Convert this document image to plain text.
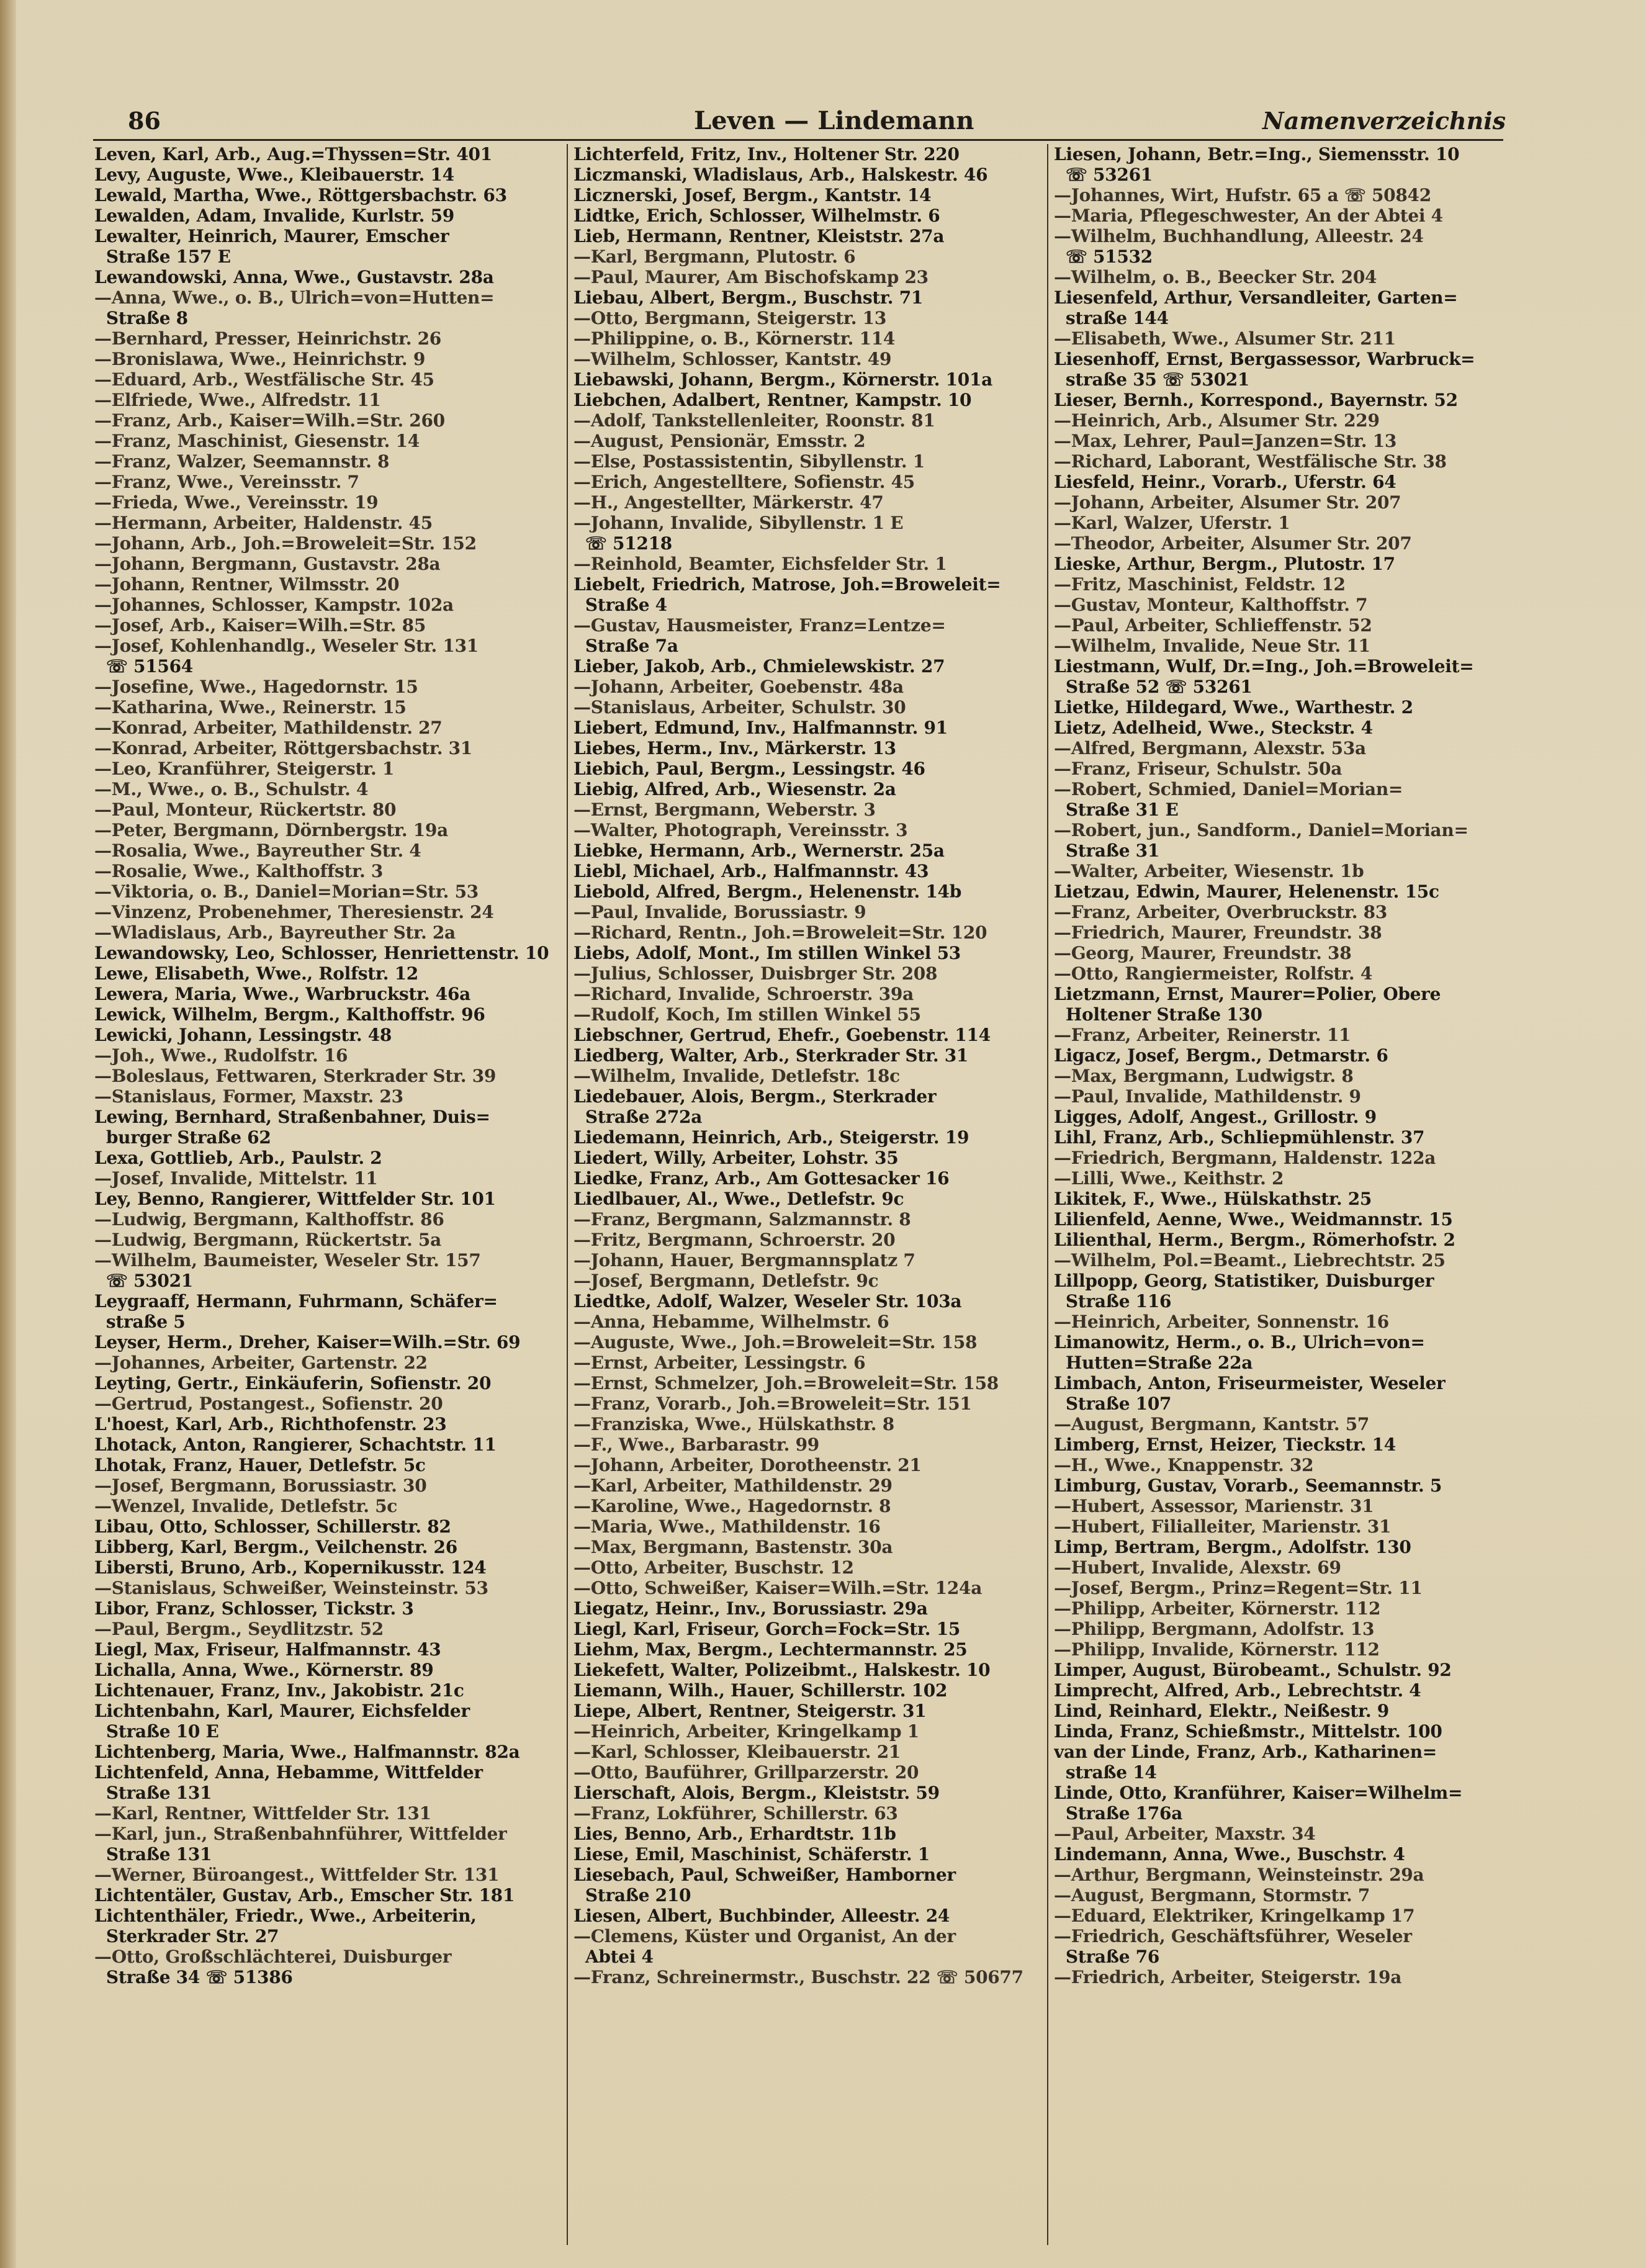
86	Leven — Lindemann	Namenverzeichnis
Leven, Karl, Arb., Aug.=Thyssen=Str. 401
Levy, Auguste, Wwe., Kleibauerstr. 14
Lewald, Martha, Wwe., Röttgersbachstr. 63
Lewalden, Adam, Invalide, Kurlstr. 59
Lewalter, Heinrich, Maurer, Emscher
Straße 157 E
Lewandowski, Anna, Wwe., Gustavstr. 28a
—Anna, Wwe., o. B., Ulrich=von=Hutten=
Straße 8
—Bernhard, Presser, Heinrichstr. 26
—Bronislawa, Wwe., Heinrichstr. 9
—Eduard, Arb., Westfälische Str. 45
—Elfriede, Wwe., Alfredstr. 11
—Franz, Arb., Kaiser=Wilh.=Str. 260
—Franz, Maschinist, Giesenstr. 14
—Franz, Walzer, Seemannstr. 8
—Franz, Wwe., Vereinsstr. 7
—Frieda, Wwe., Vereinsstr. 19
—Hermann, Arbeiter, Haldenstr. 45
—Johann, Arb., Joh.=Broweleit=Str. 152
—Johann, Bergmann, Gustavstr. 28a
—Johann, Rentner, Wilmsstr. 20
—Johannes, Schlosser, Kampstr. 102a
—Josef, Arb., Kaiser=Wilh.=Str. 85
—Josef, Kohlenhandlg., Weseler Str. 131
☏ 51564
—Josefine, Wwe., Hagedornstr. 15
—Katharina, Wwe., Reinerstr. 15
—Konrad, Arbeiter, Mathildenstr. 27
—Konrad, Arbeiter, Röttgersbachstr. 31
—Leo, Kranführer, Steigerstr. 1
—M., Wwe., o. B., Schulstr. 4
—Paul, Monteur, Rückertstr. 80
—Peter, Bergmann, Dörnbergstr. 19a
—Rosalia, Wwe., Bayreuther Str. 4
—Rosalie, Wwe., Kalthoffstr. 3
—Viktoria, o. B., Daniel=Morian=Str. 53
—Vinzenz, Probenehmer, Theresienstr. 24
—Wladislaus, Arb., Bayreuther Str. 2a
Lewandowsky, Leo, Schlosser, Henriettenstr. 10
Lewe, Elisabeth, Wwe., Rolfstr. 12
Lewera, Maria, Wwe., Warbruckstr. 46a
Lewick, Wilhelm, Bergm., Kalthoffstr. 96
Lewicki, Johann, Lessingstr. 48
—Joh., Wwe., Rudolfstr. 16
—Boleslaus, Fettwaren, Sterkrader Str. 39
—Stanislaus, Former, Maxstr. 23
Lewing, Bernhard, Straßenbahner, Duis=
burger Straße 62
Lexa, Gottlieb, Arb., Paulstr. 2
—Josef, Invalide, Mittelstr. 11
Ley, Benno, Rangierer, Wittfelder Str. 101
—Ludwig, Bergmann, Kalthoffstr. 86
—Ludwig, Bergmann, Rückertstr. 5a
—Wilhelm, Baumeister, Weseler Str. 157
☏ 53021
Leygraaff, Hermann, Fuhrmann, Schäfer=
straße 5
Leyser, Herm., Dreher, Kaiser=Wilh.=Str. 69
—Johannes, Arbeiter, Gartenstr. 22
Leyting, Gertr., Einkäuferin, Sofienstr. 20
—Gertrud, Postangest., Sofienstr. 20
L'hoest, Karl, Arb., Richthofenstr. 23
Lhotack, Anton, Rangierer, Schachtstr. 11
Lhotak, Franz, Hauer, Detlefstr. 5c
—Josef, Bergmann, Borussiastr. 30
—Wenzel, Invalide, Detlefstr. 5c
Libau, Otto, Schlosser, Schillerstr. 82
Libberg, Karl, Bergm., Veilchenstr. 26
Libersti, Bruno, Arb., Kopernikusstr. 124
—Stanislaus, Schweißer, Weinsteinstr. 53
Libor, Franz, Schlosser, Tickstr. 3
—Paul, Bergm., Seydlitzstr. 52
Liegl, Max, Friseur, Halfmannstr. 43
Lichalla, Anna, Wwe., Körnerstr. 89
Lichtenauer, Franz, Inv., Jakobistr. 21c
Lichtenbahn, Karl, Maurer, Eichsfelder
Straße 10 E
Lichtenberg, Maria, Wwe., Halfmannstr. 82a
Lichtenfeld, Anna, Hebamme, Wittfelder
Straße 131
—Karl, Rentner, Wittfelder Str. 131
—Karl, jun., Straßenbahnführer, Wittfelder
Straße 131
—Werner, Büroangest., Wittfelder Str. 131
Lichtentäler, Gustav, Arb., Emscher Str. 181
Lichtenthäler, Friedr., Wwe., Arbeiterin,
Sterkrader Str. 27
—Otto, Großschlächterei, Duisburger
Straße 34 ☏ 51386
Lichterfeld, Fritz, Inv., Holtener Str. 220
Liczmanski, Wladislaus, Arb., Halskestr. 46
Licznerski, Josef, Bergm., Kantstr. 14
Lidtke, Erich, Schlosser, Wilhelmstr. 6
Lieb, Hermann, Rentner, Kleiststr. 27a
—Karl, Bergmann, Plutostr. 6
—Paul, Maurer, Am Bischofskamp 23
Liebau, Albert, Bergm., Buschstr. 71
—Otto, Bergmann, Steigerstr. 13
—Philippine, o. B., Körnerstr. 114
—Wilhelm, Schlosser, Kantstr. 49
Liebawski, Johann, Bergm., Körnerstr. 101a
Liebchen, Adalbert, Rentner, Kampstr. 10
—Adolf, Tankstellenleiter, Roonstr. 81
—August, Pensionär, Emsstr. 2
—Else, Postassistentin, Sibyllenstr. 1
—Erich, Angestelltere, Sofienstr. 45
—H., Angestellter, Märkerstr. 47
—Johann, Invalide, Sibyllenstr. 1 E
☏ 51218
—Reinhold, Beamter, Eichsfelder Str. 1
Liebelt, Friedrich, Matrose, Joh.=Broweleit=
Straße 4
—Gustav, Hausmeister, Franz=Lentze=
Straße 7a
Lieber, Jakob, Arb., Chmielewskistr. 27
—Johann, Arbeiter, Goebenstr. 48a
—Stanislaus, Arbeiter, Schulstr. 30
Liebert, Edmund, Inv., Halfmannstr. 91
Liebes, Herm., Inv., Märkerstr. 13
Liebich, Paul, Bergm., Lessingstr. 46
Liebig, Alfred, Arb., Wiesenstr. 2a
—Ernst, Bergmann, Weberstr. 3
—Walter, Photograph, Vereinsstr. 3
Liebke, Hermann, Arb., Wernerstr. 25a
Liebl, Michael, Arb., Halfmannstr. 43
Liebold, Alfred, Bergm., Helenenstr. 14b
—Paul, Invalide, Borussiastr. 9
—Richard, Rentn., Joh.=Broweleit=Str. 120
Liebs, Adolf, Mont., Im stillen Winkel 53
—Julius, Schlosser, Duisbrger Str. 208
—Richard, Invalide, Schroerstr. 39a
—Rudolf, Koch, Im stillen Winkel 55
Liebschner, Gertrud, Ehefr., Goebenstr. 114
Liedberg, Walter, Arb., Sterkrader Str. 31
—Wilhelm, Invalide, Detlefstr. 18c
Liedebauer, Alois, Bergm., Sterkrader
Straße 272a
Liedemann, Heinrich, Arb., Steigerstr. 19
Liedert, Willy, Arbeiter, Lohstr. 35
Liedke, Franz, Arb., Am Gottesacker 16
Liedlbauer, Al., Wwe., Detlefstr. 9c
—Franz, Bergmann, Salzmannstr. 8
—Fritz, Bergmann, Schroerstr. 20
—Johann, Hauer, Bergmannsplatz 7
—Josef, Bergmann, Detlefstr. 9c
Liedtke, Adolf, Walzer, Weseler Str. 103a
—Anna, Hebamme, Wilhelmstr. 6
—Auguste, Wwe., Joh.=Broweleit=Str. 158
—Ernst, Arbeiter, Lessingstr. 6
—Ernst, Schmelzer, Joh.=Broweleit=Str. 158
—Franz, Vorarb., Joh.=Broweleit=Str. 151
—Franziska, Wwe., Hülskathstr. 8
—F., Wwe., Barbarastr. 99
—Johann, Arbeiter, Dorotheenstr. 21
—Karl, Arbeiter, Mathildenstr. 29
—Karoline, Wwe., Hagedornstr. 8
—Maria, Wwe., Mathildenstr. 16
—Max, Bergmann, Bastenstr. 30a
—Otto, Arbeiter, Buschstr. 12
—Otto, Schweißer, Kaiser=Wilh.=Str. 124a
Liegatz, Heinr., Inv., Borussiastr. 29a
Liegl, Karl, Friseur, Gorch=Fock=Str. 15
Liehm, Max, Bergm., Lechtermannstr. 25
Liekefett, Walter, Polizeibmt., Halskestr. 10
Liemann, Wilh., Hauer, Schillerstr. 102
Liepe, Albert, Rentner, Steigerstr. 31
—Heinrich, Arbeiter, Kringelkamp 1
—Karl, Schlosser, Kleibauerstr. 21
—Otto, Bauführer, Grillparzerstr. 20
Lierschaft, Alois, Bergm., Kleiststr. 59
—Franz, Lokführer, Schillerstr. 63
Lies, Benno, Arb., Erhardtstr. 11b
Liese, Emil, Maschinist, Schäferstr. 1
Liesebach, Paul, Schweißer, Hamborner
Straße 210
Liesen, Albert, Buchbinder, Alleestr. 24
—Clemens, Küster und Organist, An der
Abtei 4
—Franz, Schreinermstr., Buschstr. 22 ☏ 50677
Liesen, Johann, Betr.=Ing., Siemensstr. 10
☏ 53261
—Johannes, Wirt, Hufstr. 65 a ☏ 50842
—Maria, Pflegeschwester, An der Abtei 4
—Wilhelm, Buchhandlung, Alleestr. 24
☏ 51532
—Wilhelm, o. B., Beecker Str. 204
Liesenfeld, Arthur, Versandleiter, Garten=
straße 144
—Elisabeth, Wwe., Alsumer Str. 211
Liesenhoff, Ernst, Bergassessor, Warbruck=
straße 35 ☏ 53021
Lieser, Bernh., Korrespond., Bayernstr. 52
—Heinrich, Arb., Alsumer Str. 229
—Max, Lehrer, Paul=Janzen=Str. 13
—Richard, Laborant, Westfälische Str. 38
Liesfeld, Heinr., Vorarb., Uferstr. 64
—Johann, Arbeiter, Alsumer Str. 207
—Karl, Walzer, Uferstr. 1
—Theodor, Arbeiter, Alsumer Str. 207
Lieske, Arthur, Bergm., Plutostr. 17
—Fritz, Maschinist, Feldstr. 12
—Gustav, Monteur, Kalthoffstr. 7
—Paul, Arbeiter, Schlieffenstr. 52
—Wilhelm, Invalide, Neue Str. 11
Liestmann, Wulf, Dr.=Ing., Joh.=Broweleit=
Straße 52 ☏ 53261
Lietke, Hildegard, Wwe., Warthestr. 2
Lietz, Adelheid, Wwe., Steckstr. 4
—Alfred, Bergmann, Alexstr. 53a
—Franz, Friseur, Schulstr. 50a
—Robert, Schmied, Daniel=Morian=
Straße 31 E
—Robert, jun., Sandform., Daniel=Morian=
Straße 31
—Walter, Arbeiter, Wiesenstr. 1b
Lietzau, Edwin, Maurer, Helenenstr. 15c
—Franz, Arbeiter, Overbruckstr. 83
—Friedrich, Maurer, Freundstr. 38
—Georg, Maurer, Freundstr. 38
—Otto, Rangiermeister, Rolfstr. 4
Lietzmann, Ernst, Maurer=Polier, Obere
Holtener Straße 130
—Franz, Arbeiter, Reinerstr. 11
Ligacz, Josef, Bergm., Detmarstr. 6
—Max, Bergmann, Ludwigstr. 8
—Paul, Invalide, Mathildenstr. 9
Ligges, Adolf, Angest., Grillostr. 9
Lihl, Franz, Arb., Schliepmühlenstr. 37
—Friedrich, Bergmann, Haldenstr. 122a
—Lilli, Wwe., Keithstr. 2
Likitek, F., Wwe., Hülskathstr. 25
Lilienfeld, Aenne, Wwe., Weidmannstr. 15
Lilienthal, Herm., Bergm., Römerhofstr. 2
—Wilhelm, Pol.=Beamt., Liebrechtstr. 25
Lillpopp, Georg, Statistiker, Duisburger
Straße 116
—Heinrich, Arbeiter, Sonnenstr. 16
Limanowitz, Herm., o. B., Ulrich=von=
Hutten=Straße 22a
Limbach, Anton, Friseurmeister, Weseler
Straße 107
—August, Bergmann, Kantstr. 57
Limberg, Ernst, Heizer, Tieckstr. 14
—H., Wwe., Knappenstr. 32
Limburg, Gustav, Vorarb., Seemannstr. 5
—Hubert, Assessor, Marienstr. 31
—Hubert, Filialleiter, Marienstr. 31
Limp, Bertram, Bergm., Adolfstr. 130
—Hubert, Invalide, Alexstr. 69
—Josef, Bergm., Prinz=Regent=Str. 11
—Philipp, Arbeiter, Körnerstr. 112
—Philipp, Bergmann, Adolfstr. 13
—Philipp, Invalide, Körnerstr. 112
Limper, August, Bürobeamt., Schulstr. 92
Limprecht, Alfred, Arb., Lebrechtstr. 4
Lind, Reinhard, Elektr., Neißestr. 9
Linda, Franz, Schießmstr., Mittelstr. 100
van der Linde, Franz, Arb., Katharinen=
straße 14
Linde, Otto, Kranführer, Kaiser=Wilhelm=
Straße 176a
—Paul, Arbeiter, Maxstr. 34
Lindemann, Anna, Wwe., Buschstr. 4
—Arthur, Bergmann, Weinsteinstr. 29a
—August, Bergmann, Stormstr. 7
—Eduard, Elektriker, Kringelkamp 17
—Friedrich, Geschäftsführer, Weseler
Straße 76
—Friedrich, Arbeiter, Steigerstr. 19a
